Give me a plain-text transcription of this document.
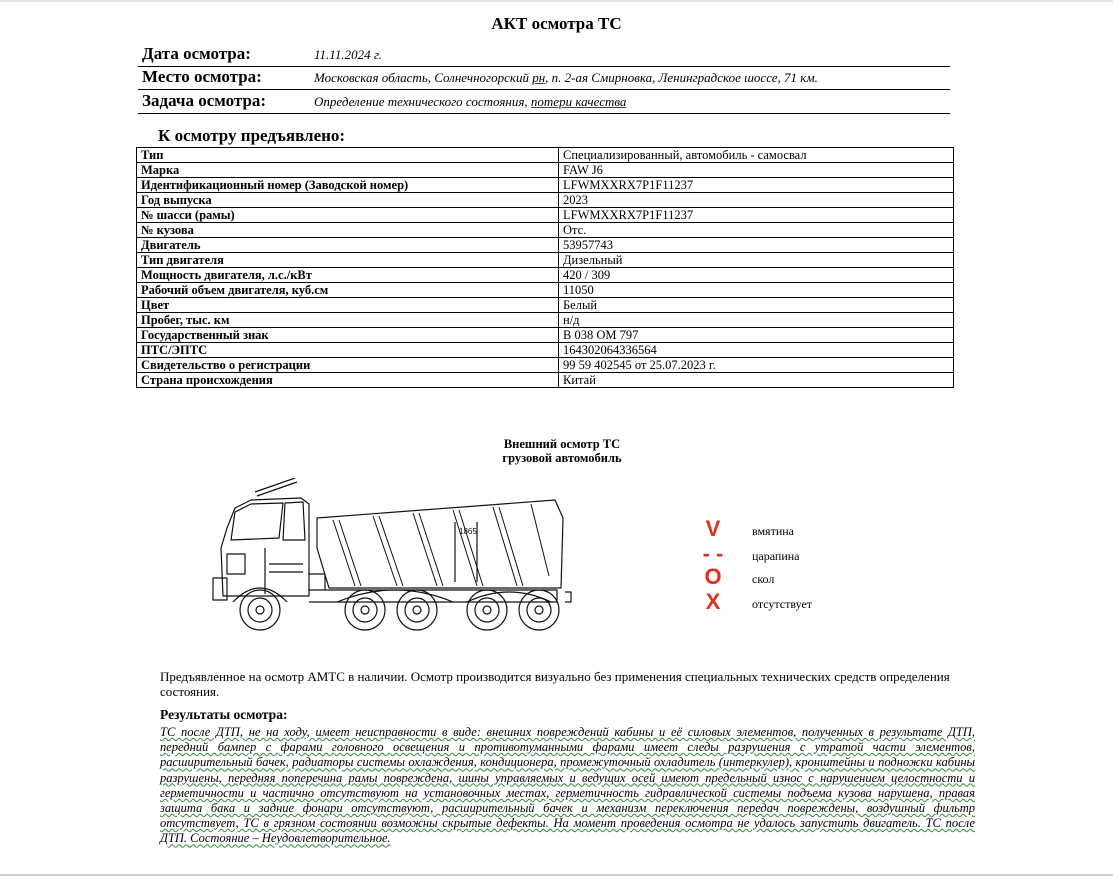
АКТ осмотра ТС
Дата осмотра:	11.11.2024 г.
Место осмотра:	Московская область, Солнечногорский рн, п. 2-ая Смирновка, Ленинградское шоссе, 71 км.
Задача осмотра:	Определение технического состояния, потери качества
К осмотру предъявлено:
Тип	Специализированный, автомобиль - самосвал
Марка	FAW J6
Идентификационный номер (Заводской номер)	LFWMXXRX7P1F11237
Год выпуска	2023
№ шасси (рамы)	LFWMXXRX7P1F11237
№ кузова	Отс.
Двигатель	53957743
Тип двигателя	Дизельный
Мощность двигателя, л.с./кВт	420 / 309
Рабочий объем двигателя, куб.см	11050
Цвет	Белый
Пробег, тыс. км	н/д
Государственный знак	В 038 ОМ 797
ПТС/ЭПТС	164302064336564
Свидетельство о регистрации	99 59 402545 от 25.07.2023 г.
Страна происхождения	Китай
Внешний осмотр ТС
грузовой автомобиль
1865	V	вмятина
- - царапина
O	скол
X	отсутствует
Предъявленное на осмотр АМТС в наличии. Осмотр производится визуально без применения специальных технических средств определения состояния.
Результаты осмотра:
ТС после ДТП, не на ходу, имеет неисправности в виде: внешних повреждений кабины и её силовых элементов, полученных в результате ДТП, передний бампер с фарами головного освещения и противотуманными фарами имеет следы разрушения с утратой части элементов, расширительный бачек, радиаторы системы охлаждения, кондиционера, промежуточный охладитель (интеркулер), кронштейны и подножки кабины разрушены, передняя поперечина рамы повреждена, шины управляемых и ведущих осей имеют предельный износ с нарушением целостности и герметичности и частично отсутствуют на установочных местах, герметичность гидравлической системы подъема кузова нарушена, правая защита бака и задние фонари отсутствуют, расширительный бачек и механизм переключения передач повреждены, воздушный фильтр отсутствует, ТС в грязном состоянии возможны скрытые дефекты. На момент проведения осмотра не удалось запустить двигатель. ТС после ДТП. Состояние – Неудовлетворительное.
